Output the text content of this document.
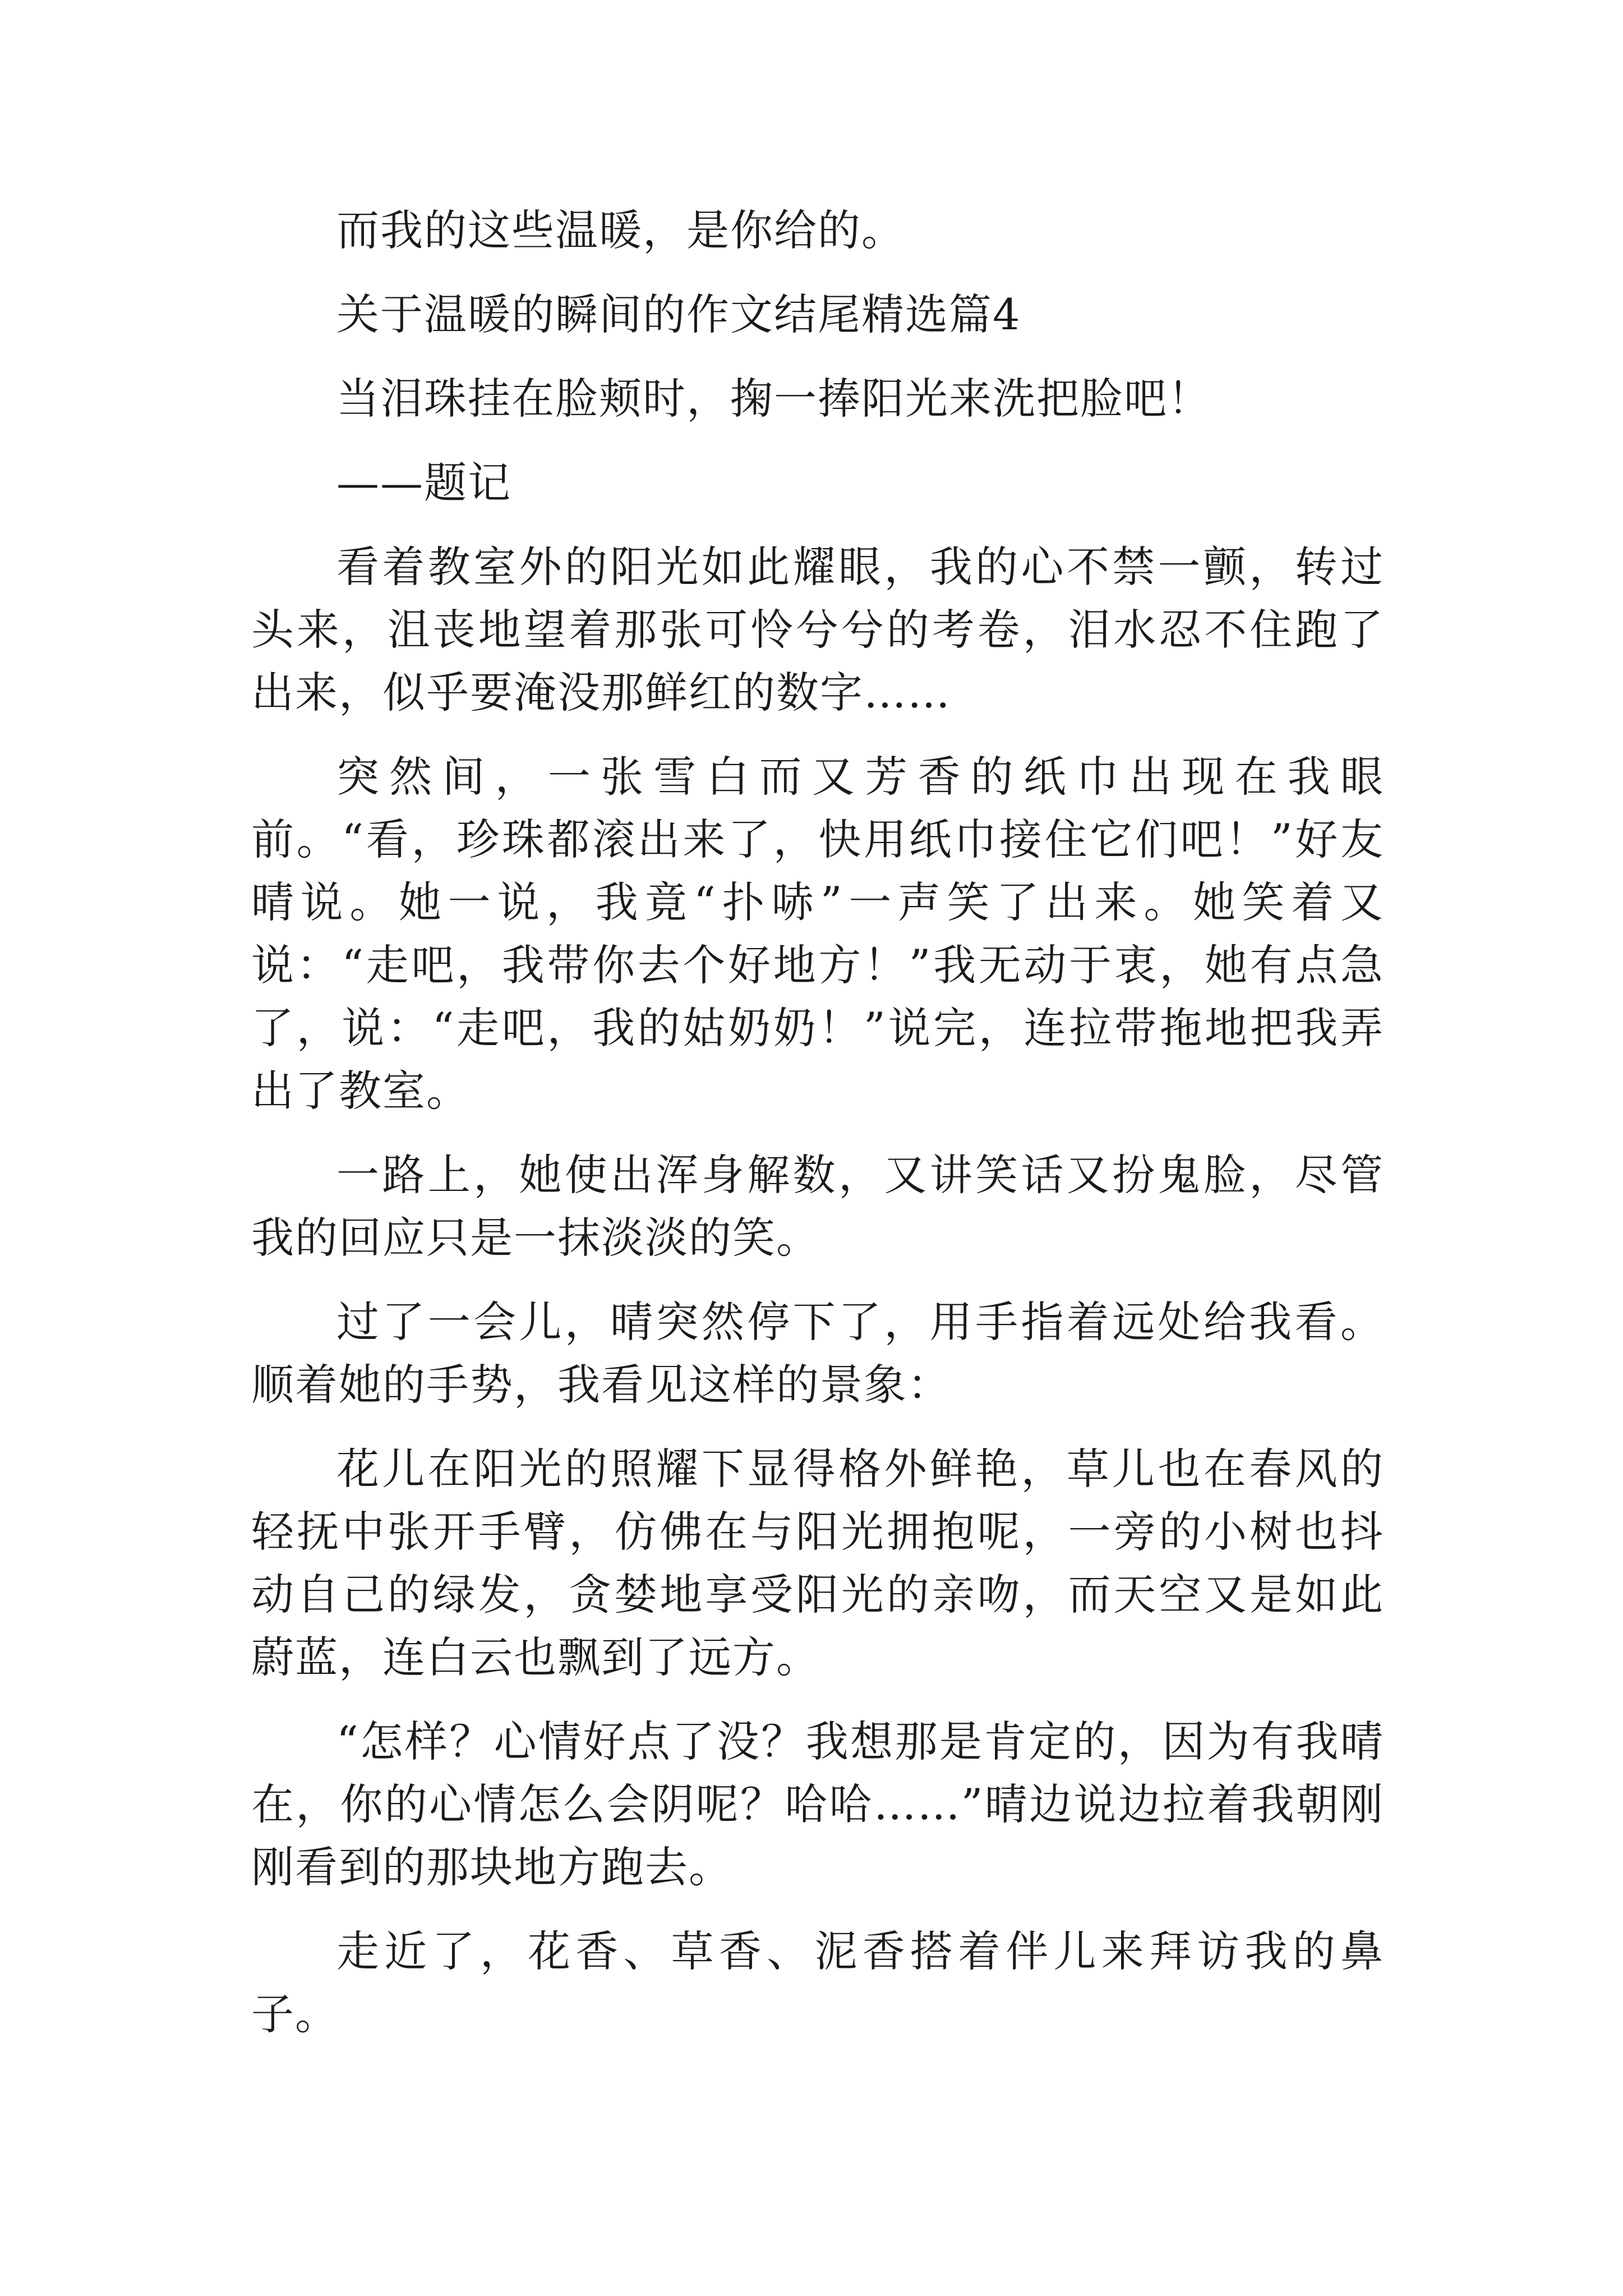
而我的这些温暖，是你给的。

关于温暖的瞬间的作文结尾精选篇4

当泪珠挂在脸颊时，掬一捧阳光来洗把脸吧！

——题记

看着教室外的阳光如此耀眼，我的心不禁一颤，转过头来，沮丧地望着那张可怜兮兮的考卷，泪水忍不住跑了出来，似乎要淹没那鲜红的数字……

突然间，一张雪白而又芳香的纸巾出现在我眼前。“看，珍珠都滚出来了，快用纸巾接住它们吧！”好友晴说。她一说，我竟“扑哧”一声笑了出来。她笑着又说：“走吧，我带你去个好地方！”我无动于衷，她有点急了，说：“走吧，我的姑奶奶！”说完，连拉带拖地把我弄出了教室。

一路上，她使出浑身解数，又讲笑话又扮鬼脸，尽管我的回应只是一抹淡淡的笑。

过了一会儿，晴突然停下了，用手指着远处给我看。顺着她的手势，我看见这样的景象：

花儿在阳光的照耀下显得格外鲜艳，草儿也在春风的轻抚中张开手臂，仿佛在与阳光拥抱呢，一旁的小树也抖动自己的绿发，贪婪地享受阳光的亲吻，而天空又是如此蔚蓝，连白云也飘到了远方。

“怎样？心情好点了没？我想那是肯定的，因为有我晴在，你的心情怎么会阴呢？哈哈……”晴边说边拉着我朝刚刚看到的那块地方跑去。

走近了，花香、草香、泥香搭着伴儿来拜访我的鼻子。
